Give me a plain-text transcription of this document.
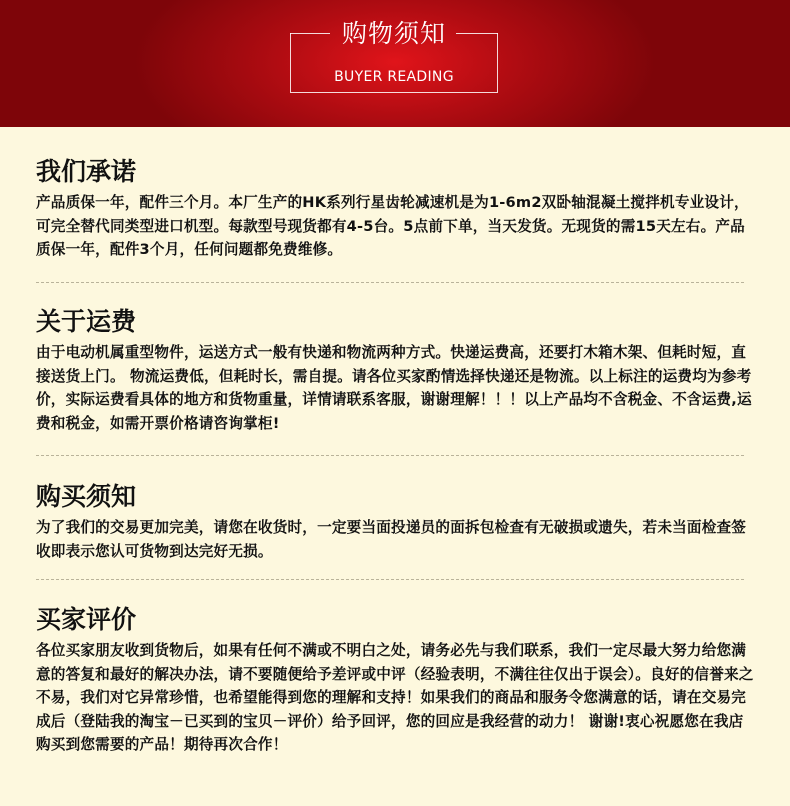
购物须知
BUYER READING
我们承诺
产品质保一年，配件三个月。本厂生产的HK系列行星齿轮减速机是为1-6m2双卧轴混凝土搅拌机专业设计，可完全替代同类型进口机型。每款型号现货都有4-5台。5点前下单，当天发货。无现货的需15天左右。产品质保一年，配件3个月，任何问题都免费维修。
关于运费
由于电动机属重型物件，运送方式一般有快递和物流两种方式。快递运费高，还要打木箱木架、但耗时短，直接送货上门。 物流运费低，但耗时长，需自提。请各位买家酌情选择快递还是物流。以上标注的运费均为参考价，实际运费看具体的地方和货物重量，详情请联系客服，谢谢理解！！！以上产品均不含税金、不含运费,运费和税金，如需开票价格请咨询掌柜!
购买须知
为了我们的交易更加完美，请您在收货时，一定要当面投递员的面拆包检查有无破损或遗失，若未当面检查签收即表示您认可货物到达完好无损。
买家评价
各位买家朋友收到货物后，如果有任何不满或不明白之处，请务必先与我们联系，我们一定尽最大努力给您满意的答复和最好的解决办法，请不要随便给予差评或中评（经验表明，不满往往仅出于误会）。良好的信誉来之不易，我们对它异常珍惜，也希望能得到您的理解和支持！如果我们的商品和服务令您满意的话，请在交易完成后（登陆我的淘宝－已买到的宝贝－评价）给予回评，您的回应是我经营的动力！ 谢谢!衷心祝愿您在我店购买到您需要的产品！期待再次合作！
